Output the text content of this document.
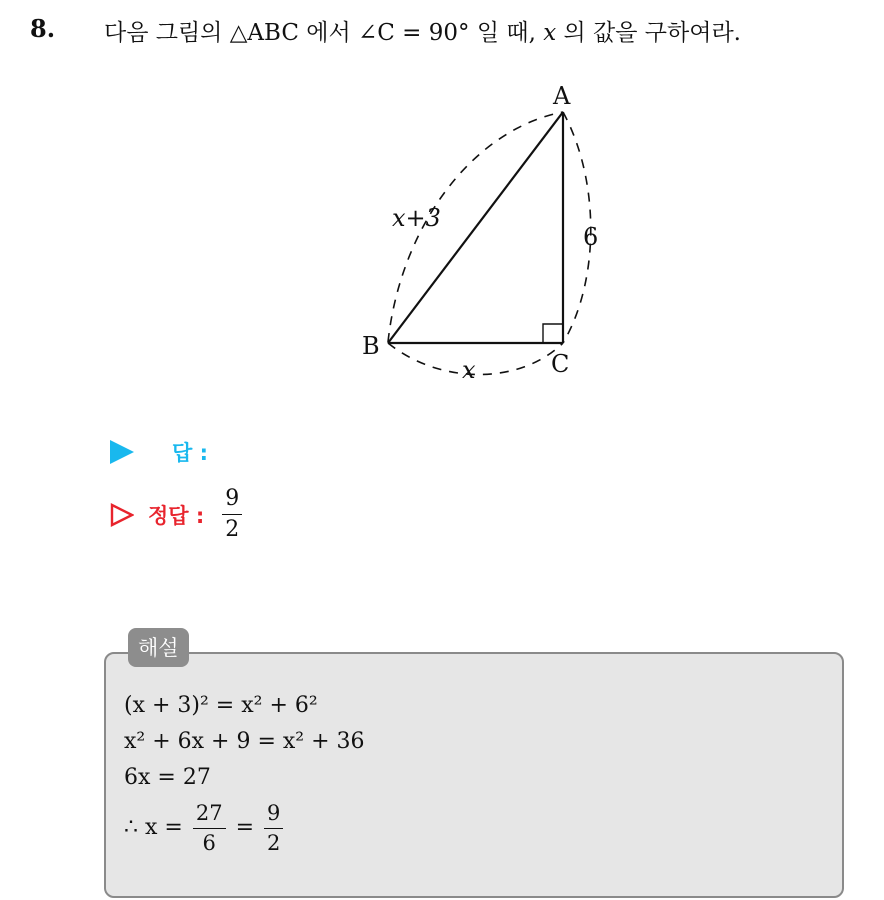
8. 다음 그림의 △ABC 에서 ∠C = 90° 일 때, x 의 값을 구하여라.
A
B
C
x+3
6
x
답 :
정답 : $\frac{9}{2}$
해설
(x + 3)² = x² + 6²
x² + 6x + 9 = x² + 36
6x = 27
∴ x =
$\frac{27}{6}$
=
$\frac{9}{2}$
